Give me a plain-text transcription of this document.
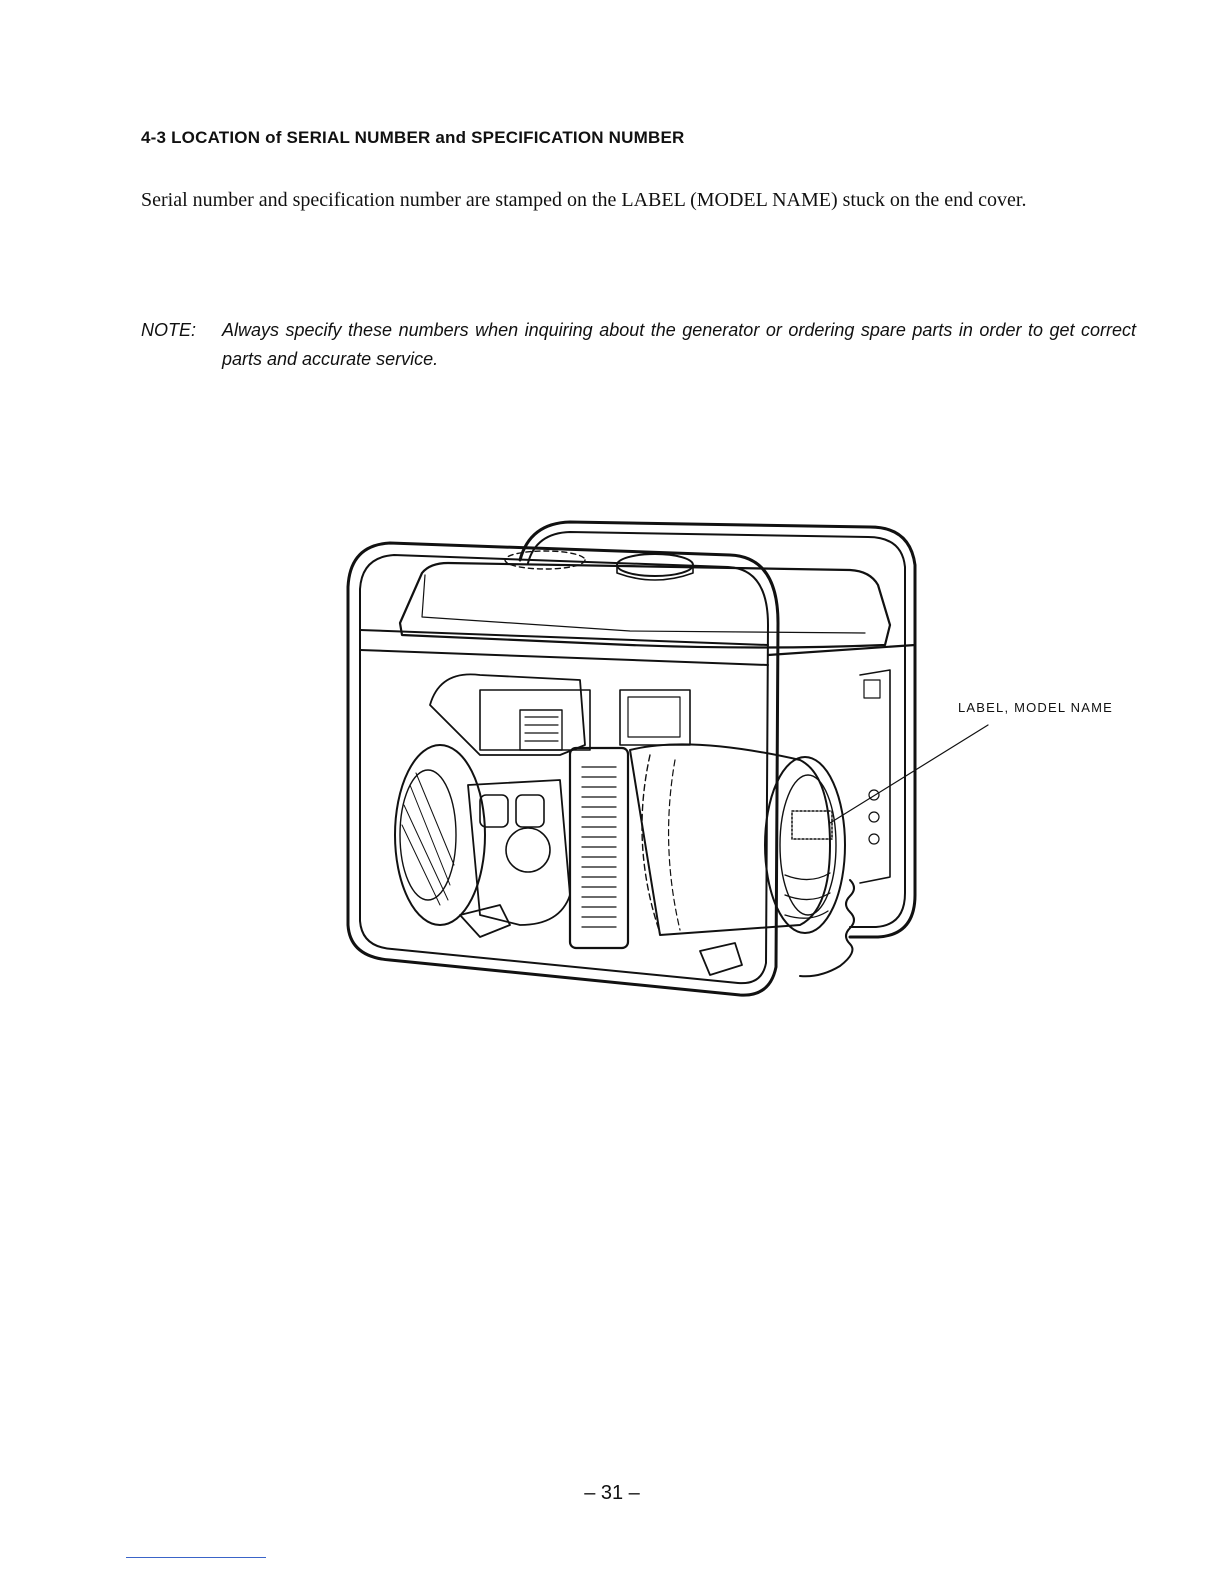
4-3 LOCATION of SERIAL NUMBER and SPECIFICATION NUMBER

Serial number and specification number are stamped on the LABEL (MODEL NAME) stuck on the end cover.

NOTE:	Always specify these numbers when inquiring about the generator or ordering spare parts in order to get correct parts and accurate service.
LABEL, MODEL NAME
– 31 –
